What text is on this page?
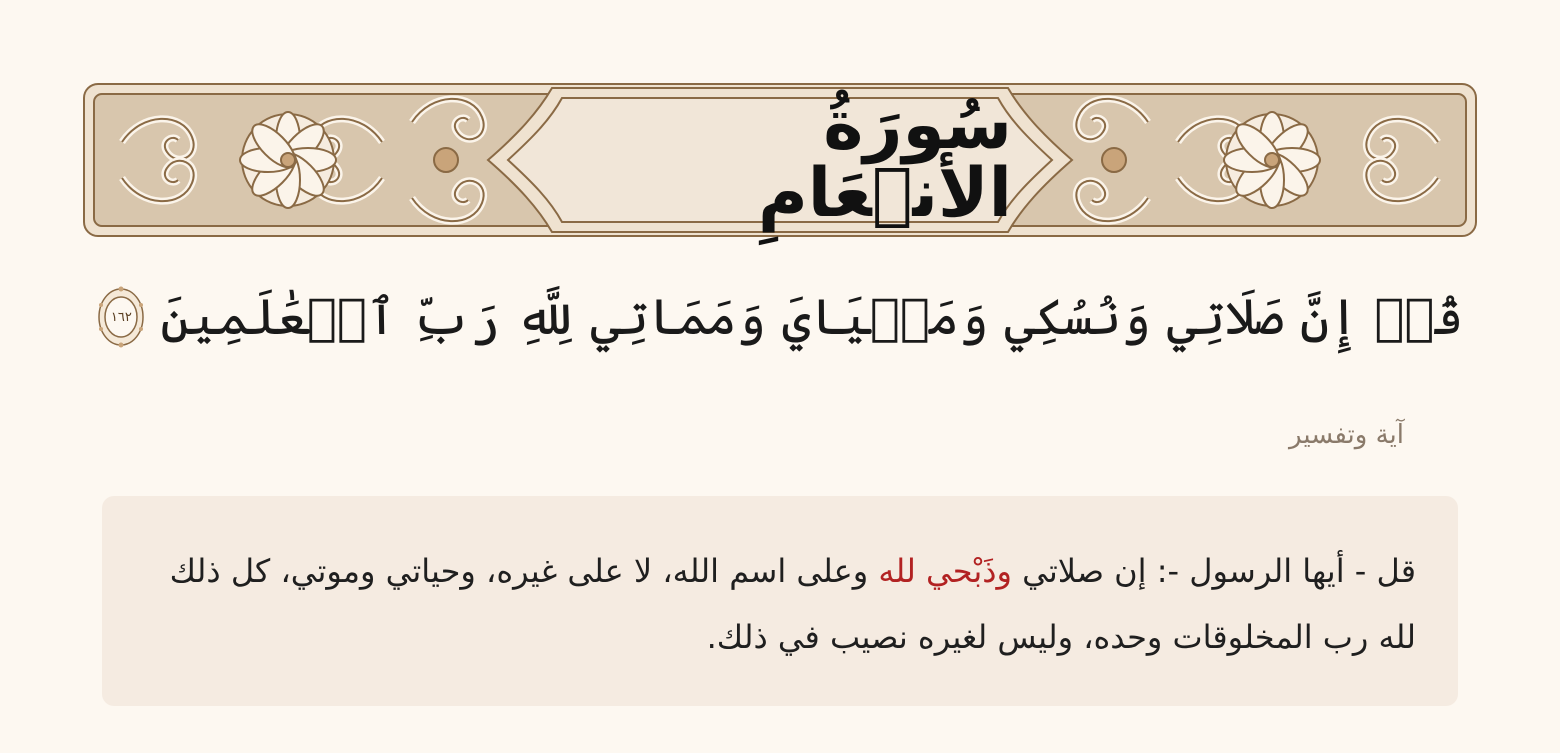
سُورَةُ الأَنۡعَامِ
قُلۡ إِنَّ صَلَاتِي وَنُسُكِي وَمَحۡيَايَ وَمَمَاتِي لِلَّهِ رَبِّ ٱلۡعَٰلَمِينَ
١٦٢
آية وتفسير

قل - أيها الرسول -: إن صلاتي وذَبْحي لله وعلى اسم الله، لا على غيره، وحياتي وموتي، كل ذلك لله رب المخلوقات وحده، وليس لغيره نصيب في ذلك.
